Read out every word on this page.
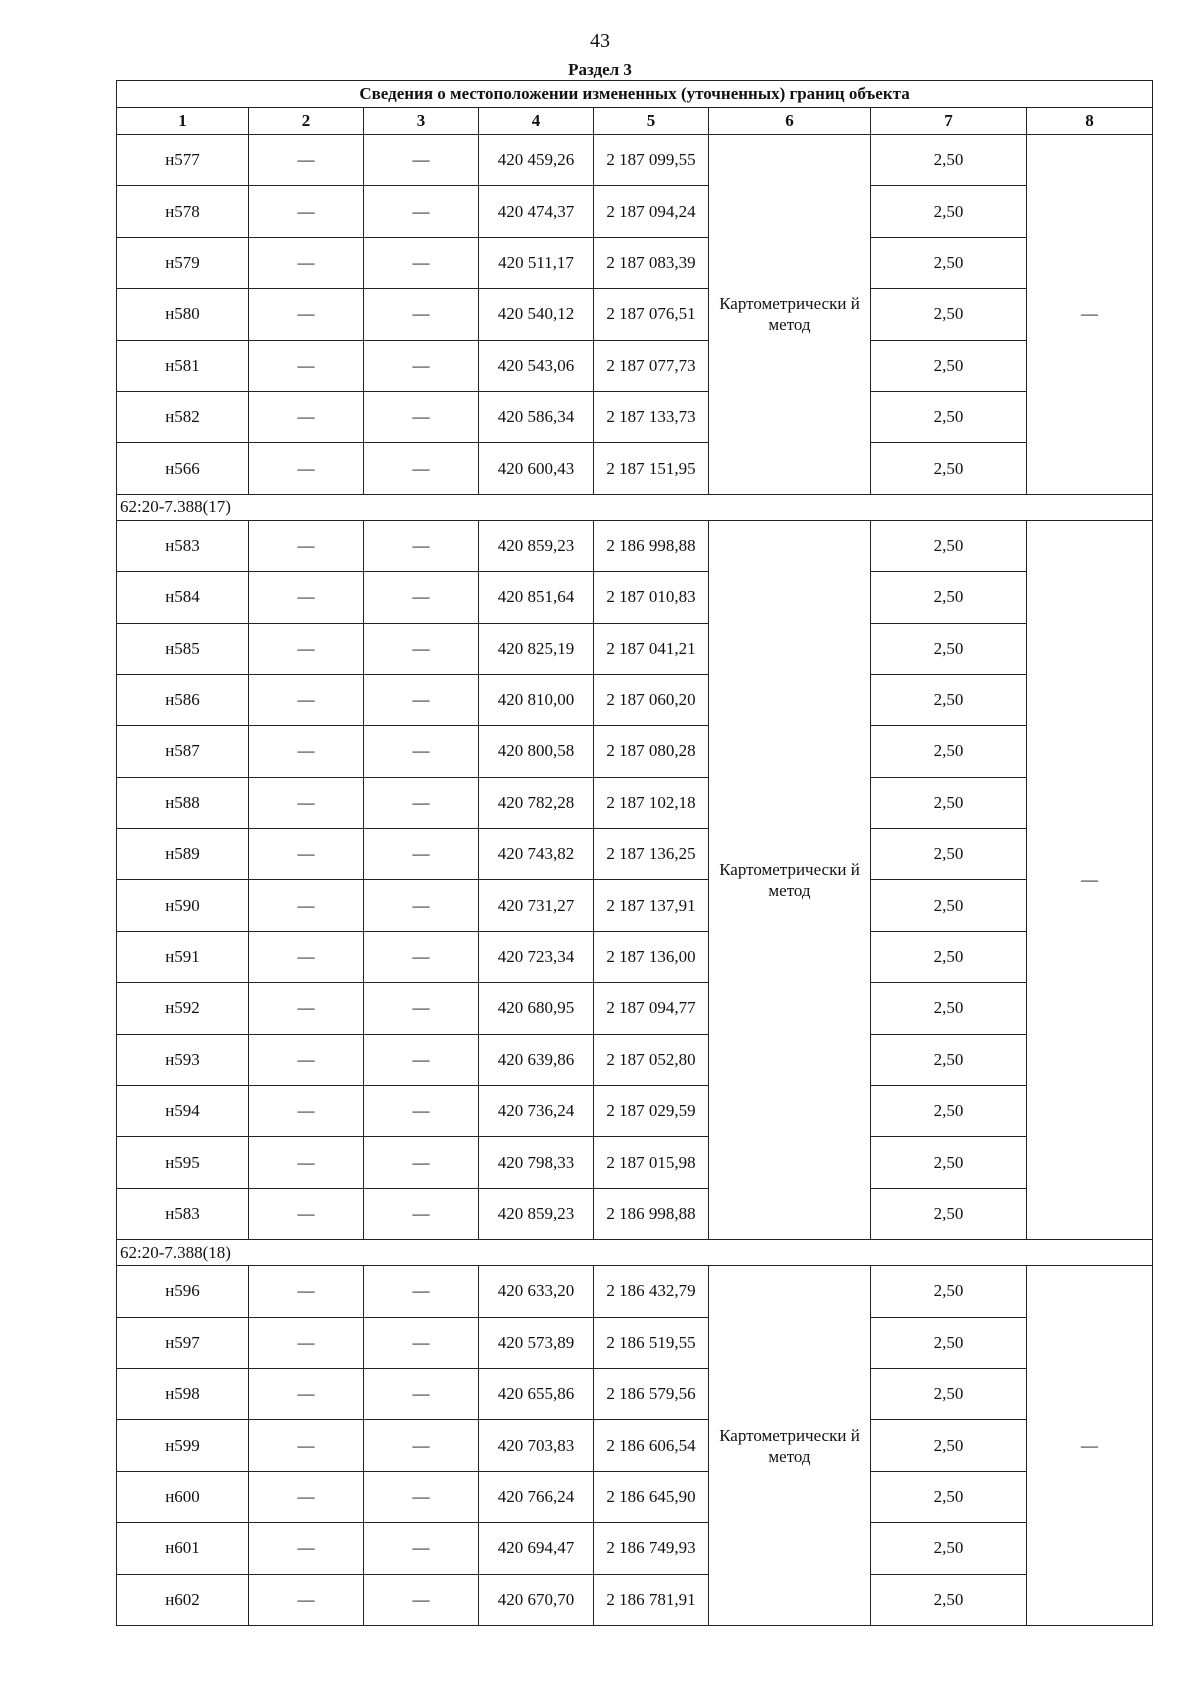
43
Раздел 3
Сведения о местоположении измененных (уточненных) границ объекта							
1	2	3	4	5	6	7	8
н577	—	—	420 459,26	2 187 099,55	Картометрически й метод	2,50	—
н578	—	—	420 474,37	2 187 094,24		2,50	
н579	—	—	420 511,17	2 187 083,39		2,50	
н580	—	—	420 540,12	2 187 076,51		2,50	
н581	—	—	420 543,06	2 187 077,73		2,50	
н582	—	—	420 586,34	2 187 133,73		2,50	
н566	—	—	420 600,43	2 187 151,95		2,50	
62:20-7.388(17)							
н583	—	—	420 859,23	2 186 998,88	Картометрически й метод	2,50	—
н584	—	—	420 851,64	2 187 010,83		2,50	
н585	—	—	420 825,19	2 187 041,21		2,50	
н586	—	—	420 810,00	2 187 060,20		2,50	
н587	—	—	420 800,58	2 187 080,28		2,50	
н588	—	—	420 782,28	2 187 102,18		2,50	
н589	—	—	420 743,82	2 187 136,25		2,50	
н590	—	—	420 731,27	2 187 137,91		2,50	
н591	—	—	420 723,34	2 187 136,00		2,50	
н592	—	—	420 680,95	2 187 094,77		2,50	
н593	—	—	420 639,86	2 187 052,80		2,50	
н594	—	—	420 736,24	2 187 029,59		2,50	
н595	—	—	420 798,33	2 187 015,98		2,50	
н583	—	—	420 859,23	2 186 998,88		2,50	
62:20-7.388(18)							
н596	—	—	420 633,20	2 186 432,79	Картометрически й метод	2,50	—
н597	—	—	420 573,89	2 186 519,55		2,50	
н598	—	—	420 655,86	2 186 579,56		2,50	
н599	—	—	420 703,83	2 186 606,54		2,50	
н600	—	—	420 766,24	2 186 645,90		2,50	
н601	—	—	420 694,47	2 186 749,93		2,50	
н602	—	—	420 670,70	2 186 781,91		2,50	
